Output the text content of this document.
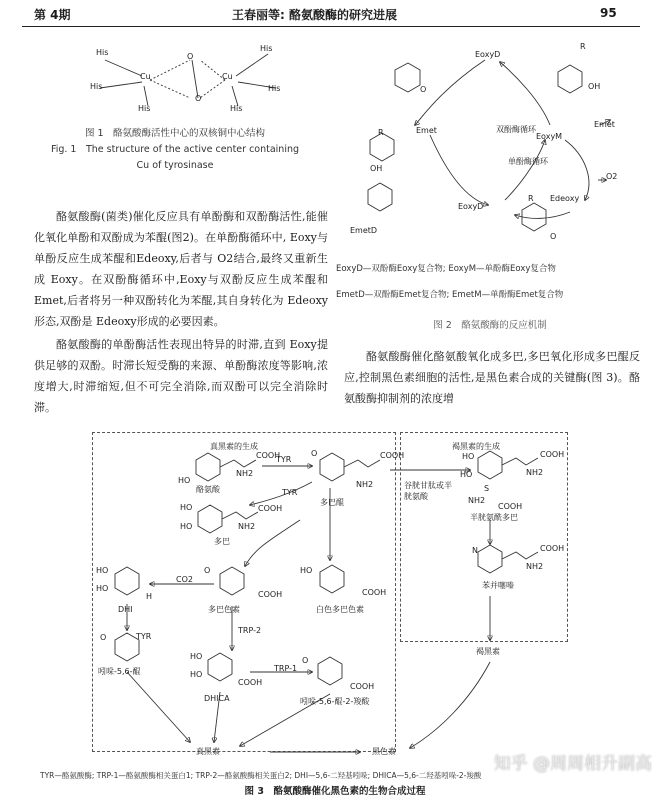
第 4期	王春丽等: 酪氨酸酶的研究进展	95
His
His
His
Cu
O
O
Cu
His
His
His
图 1　酪氨酸酶活性中心的双核铜中心结构
Fig. 1　The structure of the active center containing
Cu of tyrosinase
酪氨酸酶(菌类)催化反应具有单酚酶和双酚酶活性,能催化氧化单酚和双酚成为苯醌(图2)。在单酚酶循环中, Eoxy与单酚反应生成苯醌和Edeoxy,后者与 O2结合,最终又重新生成 Eoxy。在双酚酶循环中,Eoxy与双酚反应生成苯醌和 Emet,后者将另一种双酚转化为苯醌,其自身转化为 Edeoxy形态,双酚是 Edeoxy形成的必要因素。
酪氨酸酶的单酚酶活性表现出特异的时滞,直到 Eoxy提供足够的双酚。时滞长短受酶的来源、单酚酶浓度等影响,浓度增大,时滞缩短,但不可完全消除,而双酚可以完全消除时滞。
EoxyD
R
OH
O
Emet	双酚酶循环
单酚酶循环
EoxyM
Emet
R
OH
EmetD
EoxyD
Edeoxy
O2
R
O
EoxyD—双酚酶Eoxy复合物; EoxyM—单酚酶Eoxy复合物
EmetD—双酚酶Emet复合物; EmetM—单酚酶Emet复合物
图 2　酪氨酸酶的反应机制
酪氨酸酶催化酪氨酸氧化成多巴,多巴氧化形成多巴醌反应,控制黑色素细胞的活性,是黑色素合成的关键酶(图 3)。酪氨酸酶抑制剂的浓度增
真黑素的生成	褐黑素的生成
HO
COOH
NH2
酪氨酸
TYR
TYR
O	COOH
NH2
多巴醌
HO
HO
COOH
NH2
多巴
HO
HO
H
DHI
CO2
O
COOH
多巴色素
HO
COOH
白色多巴色素
TYR
TRP-2
TRP-1
O
吲哚-5,6-醌
HO
HO
COOH
DHICA
O
COOH
吲哚-5,6-醌-2-羧酸
谷胱甘肽或半胱氨酸
HO
HO
COOH
NH2
S
NH2
COOH
半胱氨酰多巴
COOH
NH2
N
苯并噻嗪
褐黑素
真黑素	黑色素
TYR—酪氨酸酶; TRP-1—酪氨酸酶相关蛋白1; TRP-2—酪氨酸酶相关蛋白2; DHI—5,6-二羟基吲哚; DHICA—5,6-二羟基吲哚-2-羧酸
图 3　酪氨酸酶催化黑色素的生物合成过程
知乎 @周周相升副高
